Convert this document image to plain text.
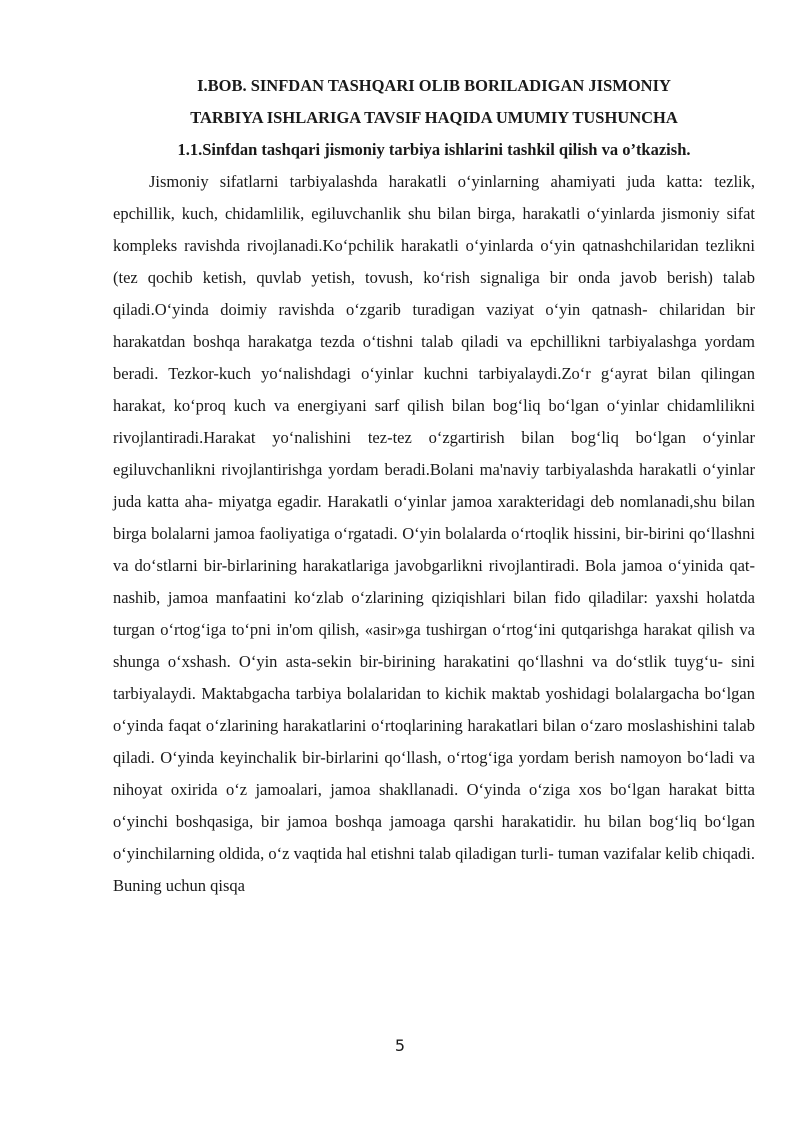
I.BOB. SINFDAN TASHQARI OLIB BORILADIGAN JISMONIY

TARBIYA ISHLARIGA TAVSIF HAQIDA UMUMIY TUSHUNCHA

1.1.Sinfdan tashqari jismoniy tarbiya ishlarini tashkil qilish va o’tkazish.

Jismoniy sifatlarni tarbiyalashda harakatli o‘yinlarning ahamiyati juda katta: tezlik, epchillik, kuch, chidamlilik, egiluvchanlik shu bilan birga, harakatli o‘yinlarda jismoniy sifat kompleks ravishda rivojlanadi.Ko‘pchilik harakatli o‘yinlarda o‘yin qatnashchilaridan tezlikni (tez qochib ketish, quvlab yetish, tovush, ko‘rish signaliga bir onda javob berish) talab qiladi.O‘yinda doimiy ravishda o‘zgarib turadigan vaziyat o‘yin qatnash- chilaridan bir harakatdan boshqa harakatga tezda o‘tishni talab qiladi va epchillikni tarbiyalashga yordam beradi. Tezkor-kuch yo‘nalishdagi o‘yinlar kuchni tarbiyalaydi.Zo‘r g‘ayrat bilan qilingan harakat, ko‘proq kuch va energiyani sarf qilish bilan bog‘liq bo‘lgan o‘yinlar chidamlilikni rivojlantiradi.Harakat yo‘nalishini tez-tez o‘zgartirish bilan bog‘liq bo‘lgan o‘yinlar egiluvchanlikni rivojlantirishga yordam beradi.Bolani ma'naviy tarbiyalashda harakatli o‘yinlar juda katta aha- miyatga egadir. Harakatli o‘yinlar jamoa xarakteridagi deb nomlanadi,shu bilan birga bolalarni jamoa faoliyatiga o‘rgatadi. O‘yin bolalarda o‘rtoqlik hissini, bir-birini qo‘llashni va do‘stlarni bir-birlarining harakatlariga javobgarlikni rivojlantiradi. Bola jamoa o‘yinida qat- nashib, jamoa manfaatini ko‘zlab o‘zlarining qiziqishlari bilan fido qiladilar: yaxshi holatda turgan o‘rtog‘iga to‘pni in'om qilish, «asir»ga tushirgan o‘rtog‘ini qutqarishga harakat qilish va shunga o‘xshash. O‘yin asta-sekin bir-birining harakatini qo‘llashni va do‘stlik tuyg‘u- sini tarbiyalaydi. Maktabgacha tarbiya bolalaridan to kichik maktab yoshidagi bolalargacha bo‘lgan o‘yinda faqat o‘zlarining harakatlarini o‘rtoqlarining harakatlari bilan o‘zaro moslashishini talab qiladi. O‘yinda keyinchalik bir-birlarini qo‘llash, o‘rtog‘iga yordam berish namoyon bo‘ladi va nihoyat oxirida o‘z jamoalari, jamoa shakllanadi. O‘yinda o‘ziga xos bo‘lgan harakat bitta o‘yinchi boshqasiga, bir jamoa boshqa jamoaga qarshi harakatidir. hu bilan bog‘liq bo‘lgan o‘yinchilarning oldida, o‘z vaqtida hal etishni talab qiladigan turli- tuman vazifalar kelib chiqadi. Buning uchun qisqa

5
